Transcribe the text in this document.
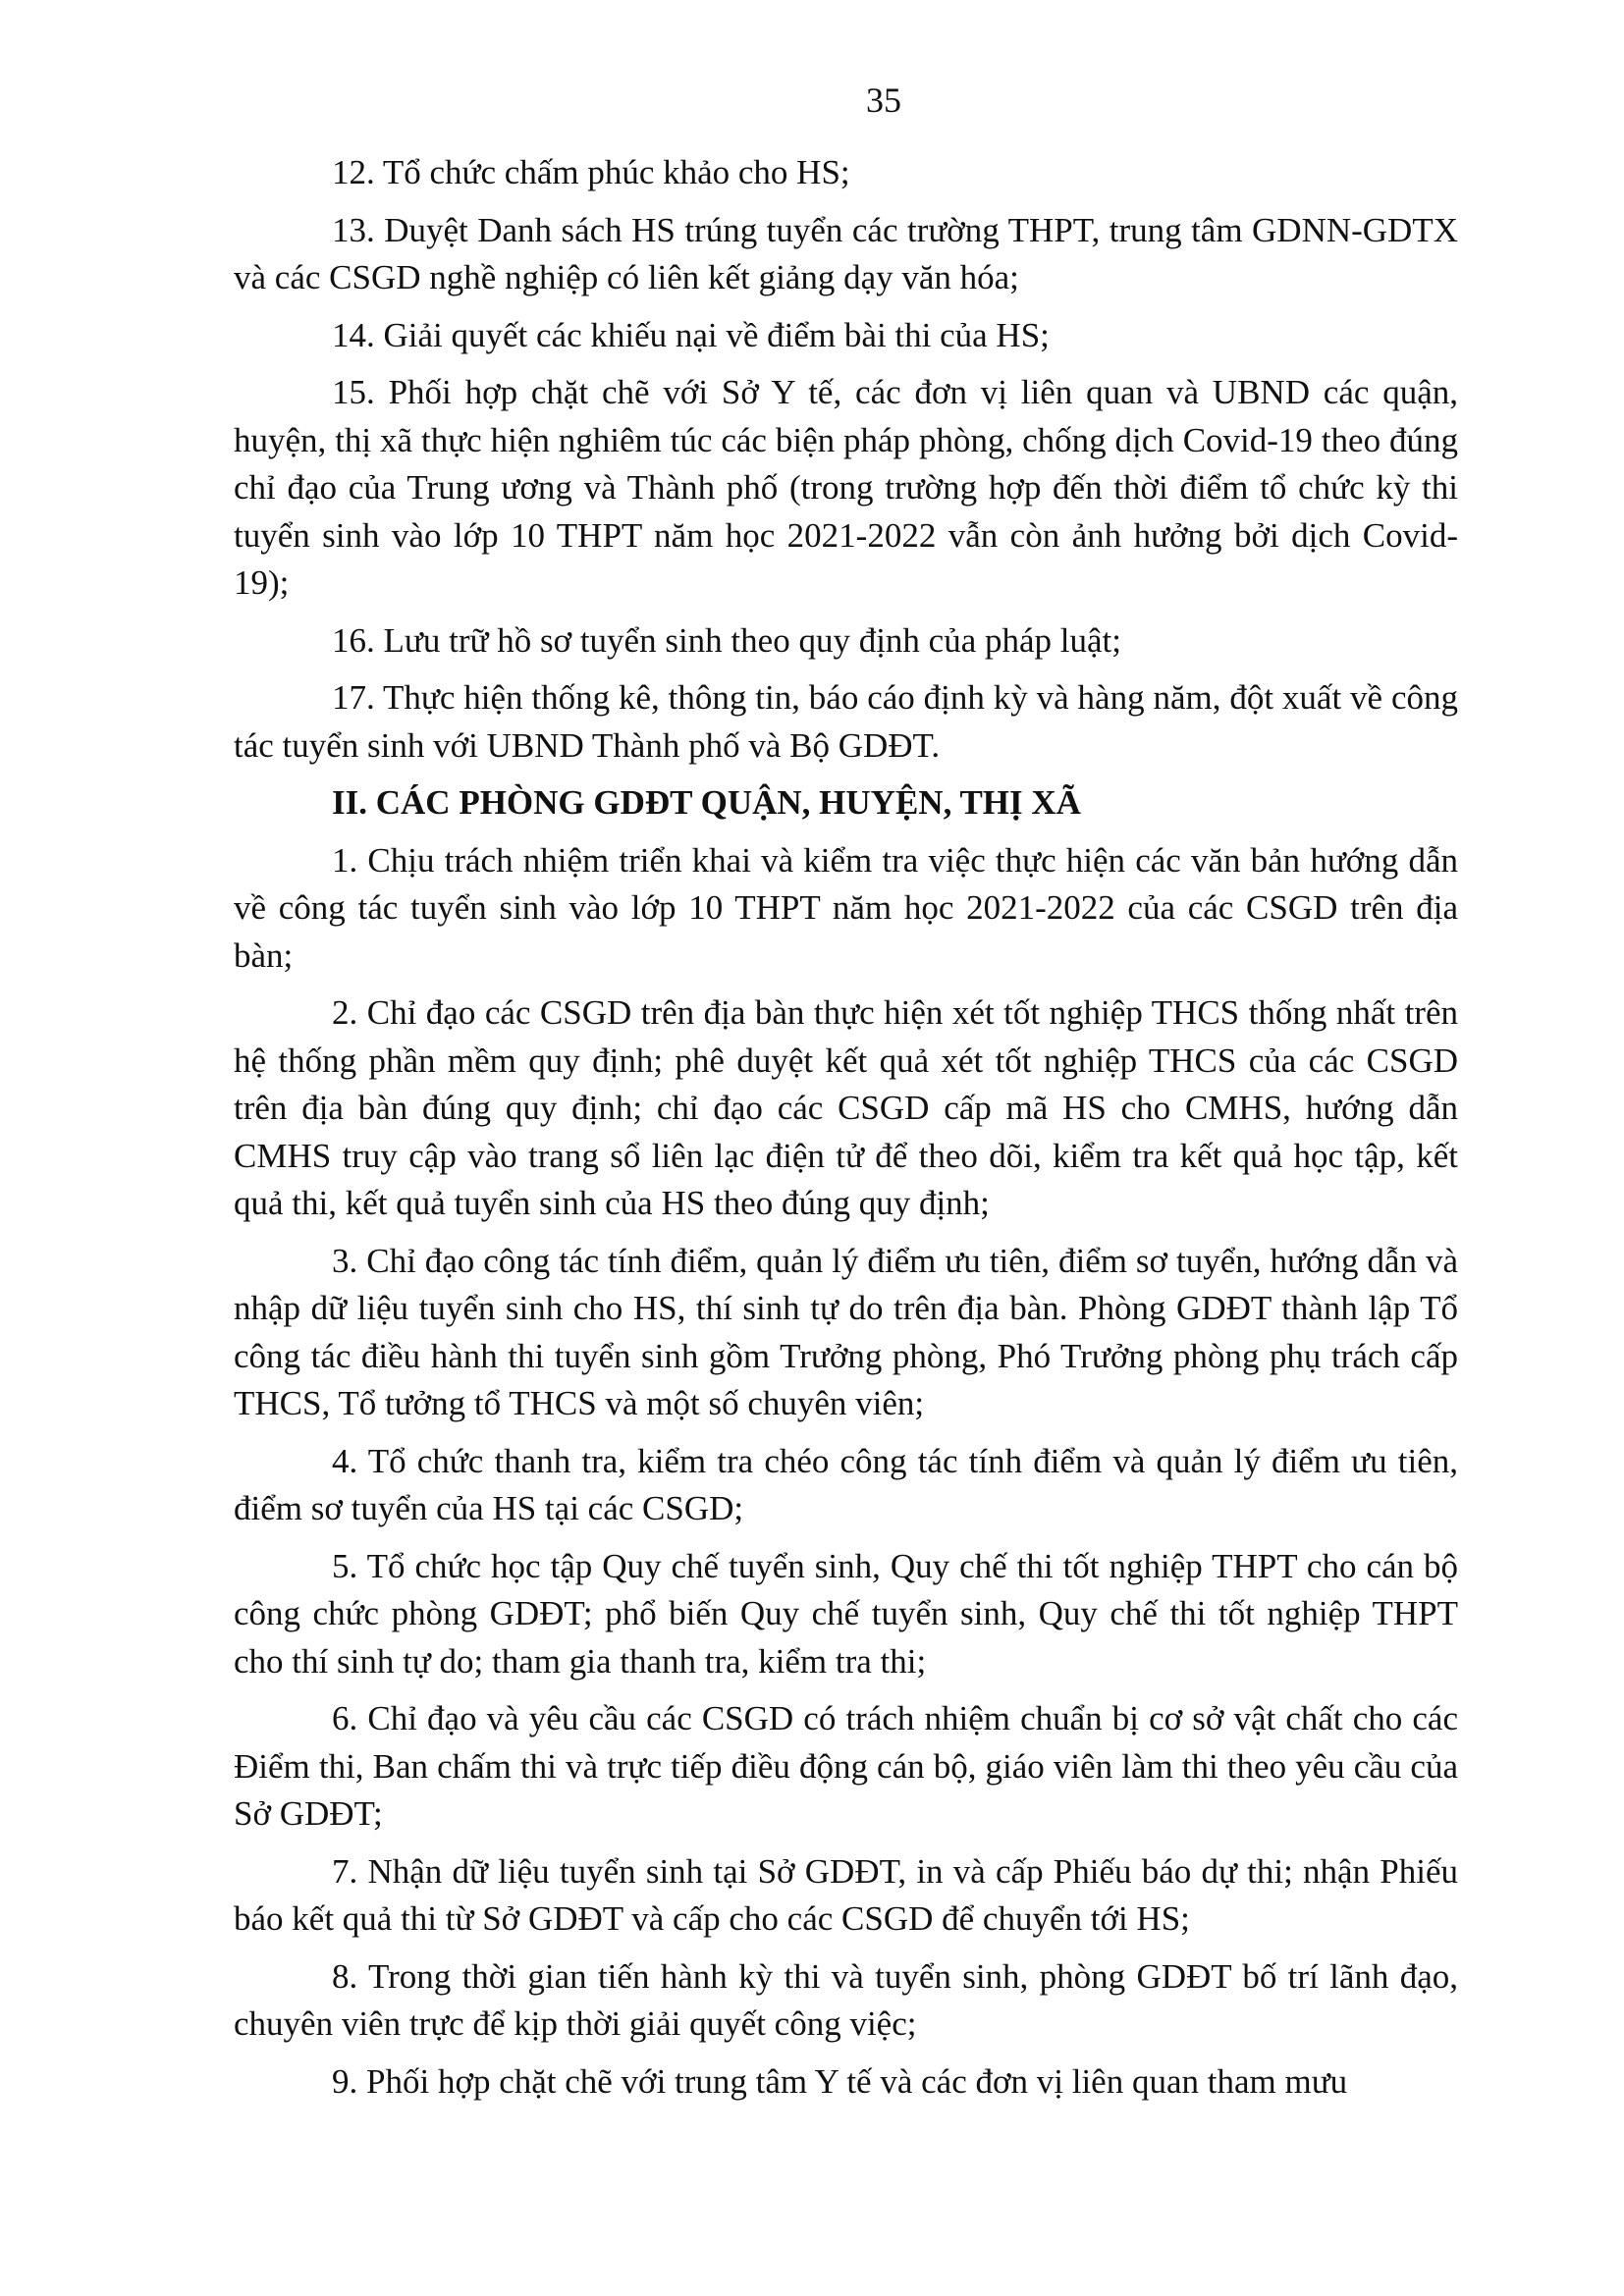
35

12. Tổ chức chấm phúc khảo cho HS;

13. Duyệt Danh sách HS trúng tuyển các trường THPT, trung tâm GDNN-GDTX và các CSGD nghề nghiệp có liên kết giảng dạy văn hóa;

14. Giải quyết các khiếu nại về điểm bài thi của HS;

15. Phối hợp chặt chẽ với Sở Y tế, các đơn vị liên quan và UBND các quận, huyện, thị xã thực hiện nghiêm túc các biện pháp phòng, chống dịch Covid-19 theo đúng chỉ đạo của Trung ương và Thành phố (trong trường hợp đến thời điểm tổ chức kỳ thi tuyển sinh vào lớp 10 THPT năm học 2021-2022 vẫn còn ảnh hưởng bởi dịch Covid-19);

16. Lưu trữ hồ sơ tuyển sinh theo quy định của pháp luật;

17. Thực hiện thống kê, thông tin, báo cáo định kỳ và hàng năm, đột xuất về công tác tuyển sinh với UBND Thành phố và Bộ GDĐT.

II. CÁC PHÒNG GDĐT QUẬN, HUYỆN, THỊ XÃ

1. Chịu trách nhiệm triển khai và kiểm tra việc thực hiện các văn bản hướng dẫn về công tác tuyển sinh vào lớp 10 THPT năm học 2021-2022 của các CSGD trên địa bàn;

2. Chỉ đạo các CSGD trên địa bàn thực hiện xét tốt nghiệp THCS thống nhất trên hệ thống phần mềm quy định; phê duyệt kết quả xét tốt nghiệp THCS của các CSGD trên địa bàn đúng quy định; chỉ đạo các CSGD cấp mã HS cho CMHS, hướng dẫn CMHS truy cập vào trang sổ liên lạc điện tử để theo dõi, kiểm tra kết quả học tập, kết quả thi, kết quả tuyển sinh của HS theo đúng quy định;

3. Chỉ đạo công tác tính điểm, quản lý điểm ưu tiên, điểm sơ tuyển, hướng dẫn và nhập dữ liệu tuyển sinh cho HS, thí sinh tự do trên địa bàn. Phòng GDĐT thành lập Tổ công tác điều hành thi tuyển sinh gồm Trưởng phòng, Phó Trưởng phòng phụ trách cấp THCS, Tổ tưởng tổ THCS và một số chuyên viên;

4. Tổ chức thanh tra, kiểm tra chéo công tác tính điểm và quản lý điểm ưu tiên, điểm sơ tuyển của HS tại các CSGD;

5. Tổ chức học tập Quy chế tuyển sinh, Quy chế thi tốt nghiệp THPT cho cán bộ công chức phòng GDĐT; phổ biến Quy chế tuyển sinh, Quy chế thi tốt nghiệp THPT cho thí sinh tự do; tham gia thanh tra, kiểm tra thi;

6. Chỉ đạo và yêu cầu các CSGD có trách nhiệm chuẩn bị cơ sở vật chất cho các Điểm thi, Ban chấm thi và trực tiếp điều động cán bộ, giáo viên làm thi theo yêu cầu của Sở GDĐT;

7. Nhận dữ liệu tuyển sinh tại Sở GDĐT, in và cấp Phiếu báo dự thi; nhận Phiếu báo kết quả thi từ Sở GDĐT và cấp cho các CSGD để chuyển tới HS;

8. Trong thời gian tiến hành kỳ thi và tuyển sinh, phòng GDĐT bố trí lãnh đạo, chuyên viên trực để kịp thời giải quyết công việc;

9. Phối hợp chặt chẽ với trung tâm Y tế và các đơn vị liên quan tham mưu
